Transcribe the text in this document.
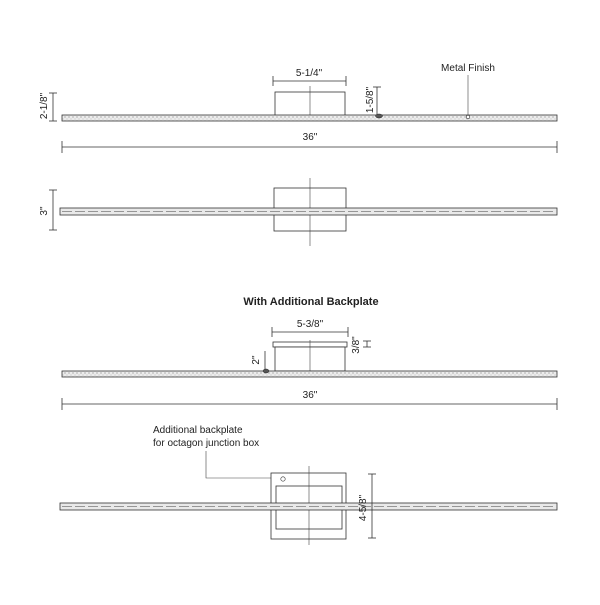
5-1/4"
2-1/8"	1-5/8"
Metal Finish
36"
3"
With Additional Backplate
5-3/8"
3/8"
2"
36"
Additional backplate
for octagon junction box
4-5/8"
